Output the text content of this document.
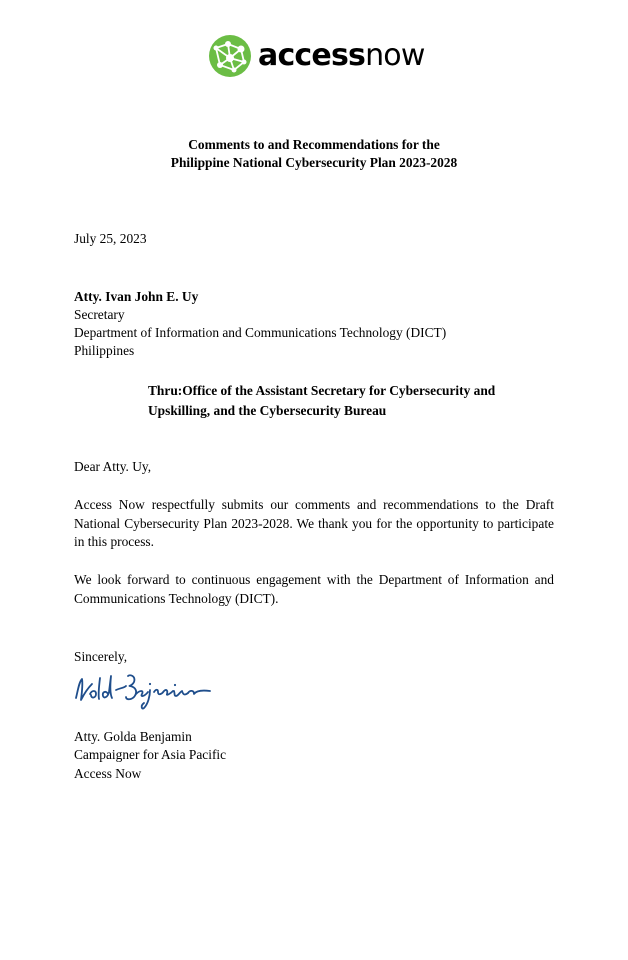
accessnow
Comments to and Recommendations for the
Philippine National Cybersecurity Plan 2023-2028
July 25, 2023
Atty. Ivan John E. Uy
Secretary
Department of Information and Communications Technology (DICT)
Philippines
Thru:Office of the Assistant Secretary for Cybersecurity and
Upskilling, and the Cybersecurity Bureau
Dear Atty. Uy,
Access Now respectfully submits our comments and recommendations to the Draft National Cybersecurity Plan 2023-2028. We thank you for the opportunity to participate in this process.
We look forward to continuous engagement with the Department of Information and Communications Technology (DICT).
Sincerely,
Atty. Golda Benjamin
Campaigner for Asia Pacific
Access Now
